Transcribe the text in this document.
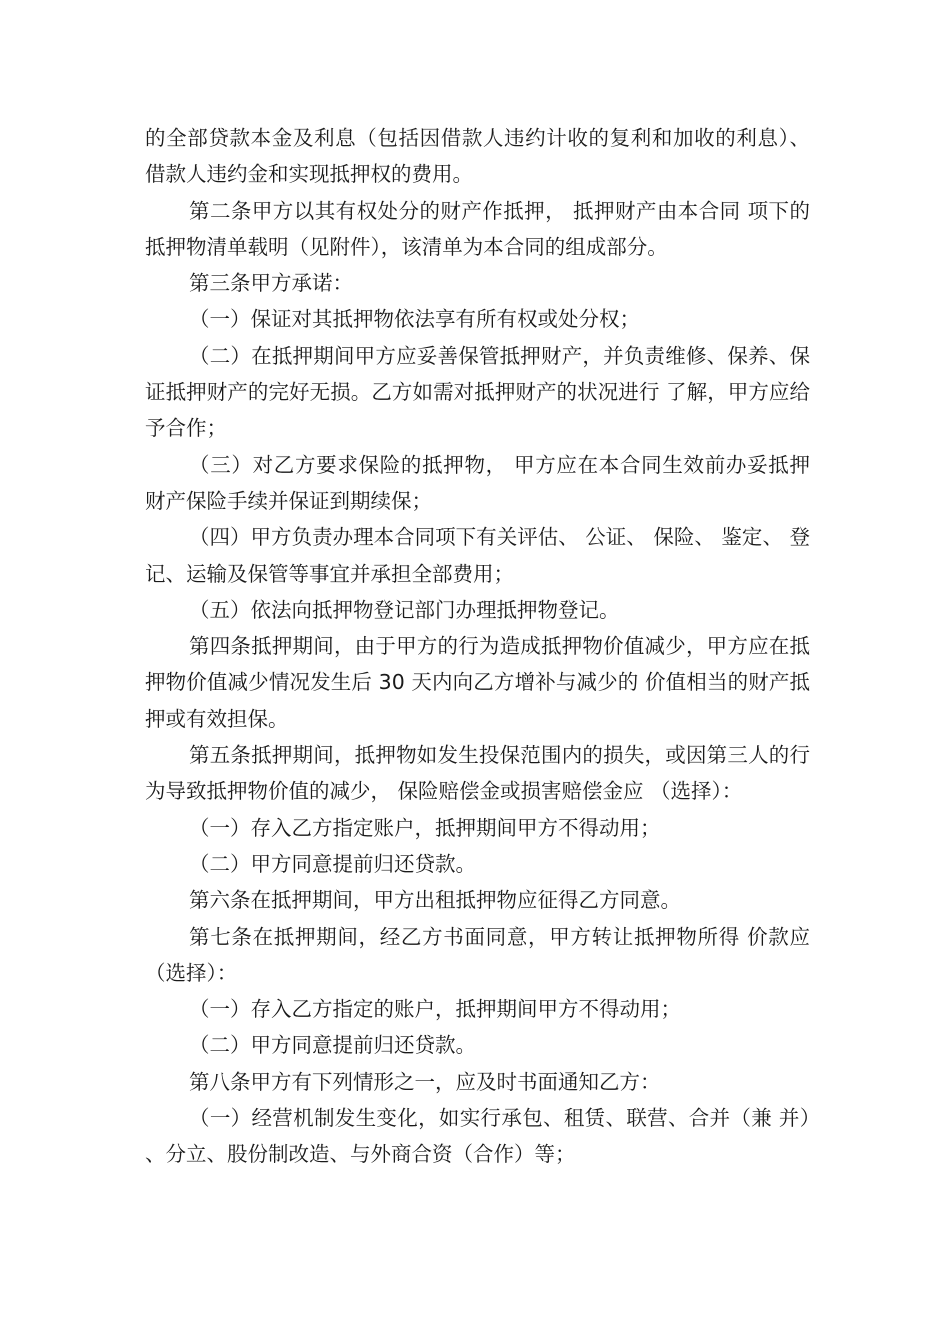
的全部贷款本金及利息（包括因借款人违约计收的复利和加收的利息）、借款人违约金和实现抵押权的费用。

第二条甲方以其有权处分的财产作抵押， 抵押财产由本合同 项下的抵押物清单载明（见附件），该清单为本合同的组成部分。

第三条甲方承诺：

（一）保证对其抵押物依法享有所有权或处分权；

（二）在抵押期间甲方应妥善保管抵押财产，并负责维修、保养、保证抵押财产的完好无损。乙方如需对抵押财产的状况进行 了解，甲方应给予合作；

（三）对乙方要求保险的抵押物， 甲方应在本合同生效前办妥抵押财产保险手续并保证到期续保；

（四）甲方负责办理本合同项下有关评估、 公证、 保险、 鉴定、 登记、运输及保管等事宜并承担全部费用；

（五）依法向抵押物登记部门办理抵押物登记。

第四条抵押期间，由于甲方的行为造成抵押物价值减少，甲方应在抵押物价值减少情况发生后 30 天内向乙方增补与减少的 价值相当的财产抵押或有效担保。

第五条抵押期间，抵押物如发生投保范围内的损失，或因第三人的行为导致抵押物价值的减少， 保险赔偿金或损害赔偿金应 （选择）：

（一）存入乙方指定账户，抵押期间甲方不得动用；

（二）甲方同意提前归还贷款。

第六条在抵押期间，甲方出租抵押物应征得乙方同意。

第七条在抵押期间，经乙方书面同意，甲方转让抵押物所得 价款应（选择）：

（一）存入乙方指定的账户，抵押期间甲方不得动用；

（二）甲方同意提前归还贷款。

第八条甲方有下列情形之一，应及时书面通知乙方：

（一）经营机制发生变化，如实行承包、租赁、联营、合并（兼 并）、分立、股份制改造、与外商合资（合作）等；
